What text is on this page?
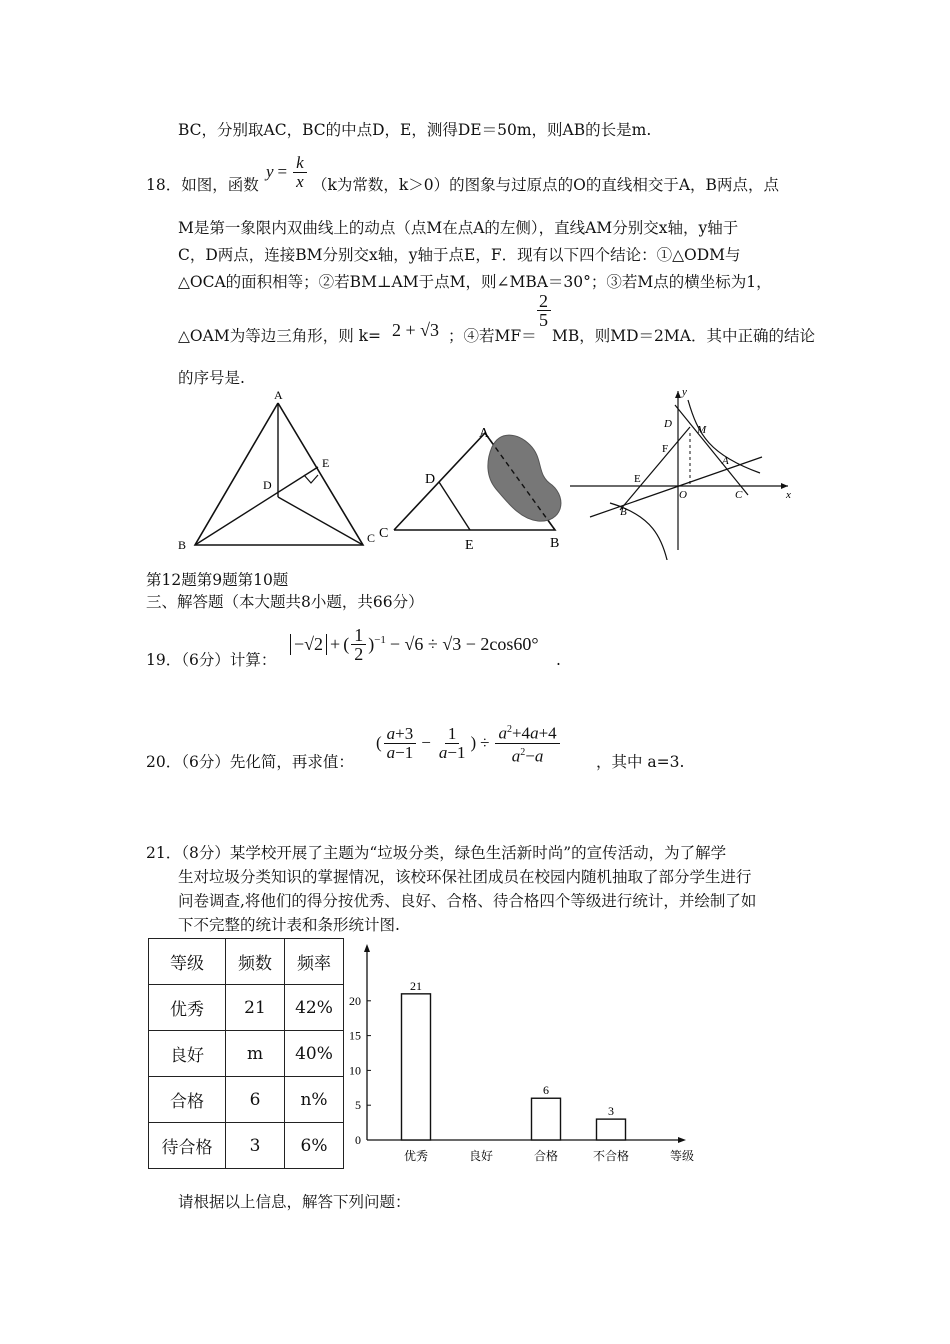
BC，分别取AC，BC的中点D，E，测得DE＝50m，则AB的长是m.
18．如图，函数
$y = \frac{k}{x} (k$为常数，k＞0）的图象与过原点的O的直线相交于A，B两点，点
M是第一象限内双曲线上的动点（点M在点A的左侧），直线AM分别交x轴，y轴于
C，D两点，连接BM分别交x轴，y轴于点E，F．现有以下四个结论：①△ODM与
△OCA的面积相等；②若BM⊥AM于点M，则∠MBA＝30°；③若M点的横坐标为1，
△OAM为等边三角形，则 k= 2 + √3 ；④若MF＝
2
5
MB，则MD＝2MA．其中正确的结论
的序号是.
A
B	C
D
E
A
B
C
D
E
y
x
D M
F
A
E
O	C
B
第12题第9题第10题
三、解答题（本大题共8小题，共66分）
19．（6分）计算：
−√2 + ( $\frac{1}{2} )^{-1} - √6 \div √3 - 2\cos 60^\circ$
.
20．（6分）先化简，再求值：
( $\frac{a+3}{a-1} - \frac{1}{a-1}$ ) ÷ $\frac{a^2+4a+4}{a^2-a}$ ，其中 a=3.
21．（8分）某学校开展了主题为“垃圾分类，绿色生活新时尚”的宣传活动，为了解学
生对垃圾分类知识的掌握情况，该校环保社团成员在校园内随机抽取了部分学生进行
问卷调查,将他们的得分按优秀、良好、合格、待合格四个等级进行统计，并绘制了如
下不完整的统计表和条形统计图.
等级	频数	频率
优秀	21	42%
良好	m	40%
合格	6	n%
待合格	3	6% 0
5
10
15
20
21
优秀	良好
6
合格
3
不合格	等级
请根据以上信息，解答下列问题：
